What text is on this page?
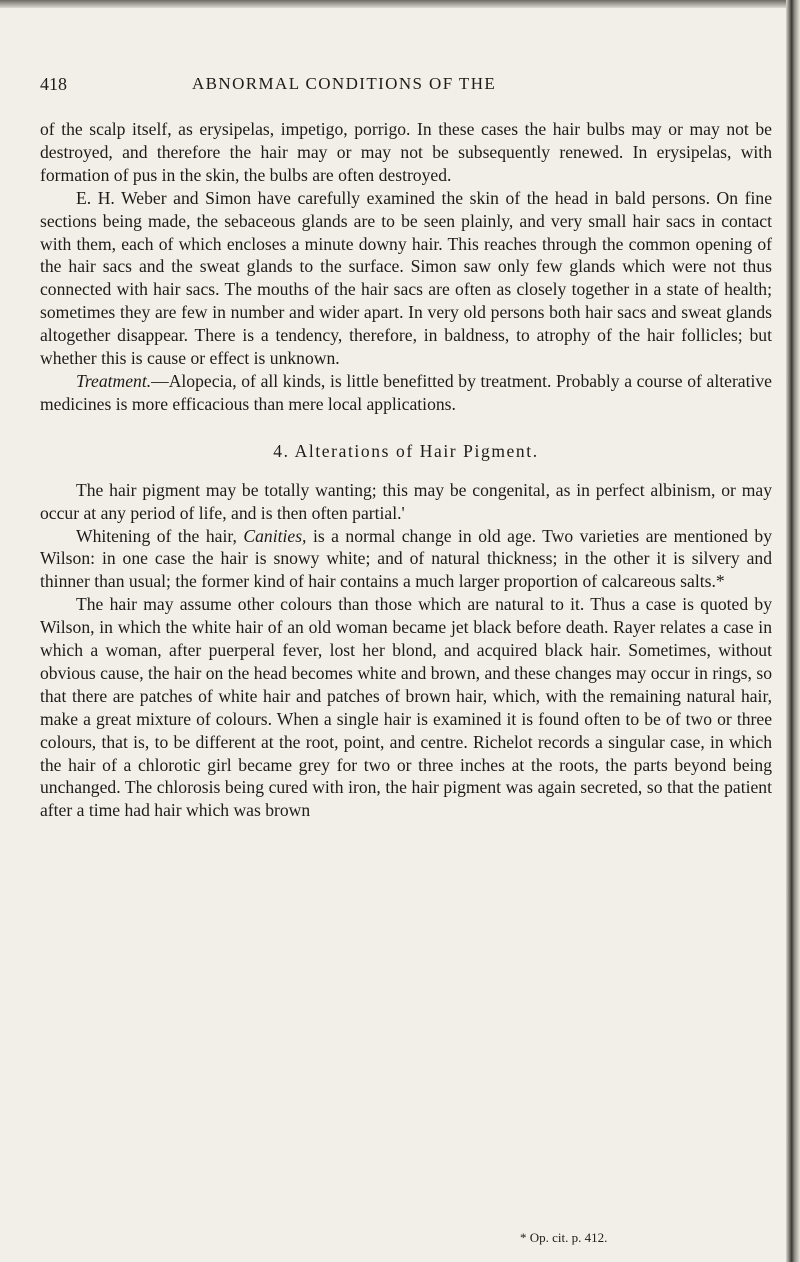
418	ABNORMAL CONDITIONS OF THE

of the scalp itself, as erysipelas, impetigo, porrigo. In these cases the hair bulbs may or may not be destroyed, and therefore the hair may or may not be subsequently renewed. In erysipelas, with formation of pus in the skin, the bulbs are often destroyed.

E. H. Weber and Simon have carefully examined the skin of the head in bald persons. On fine sections being made, the sebaceous glands are to be seen plainly, and very small hair sacs in contact with them, each of which encloses a minute downy hair. This reaches through the common opening of the hair sacs and the sweat glands to the surface. Simon saw only few glands which were not thus connected with hair sacs. The mouths of the hair sacs are often as closely together in a state of health; sometimes they are few in number and wider apart. In very old persons both hair sacs and sweat glands altogether disappear. There is a tendency, therefore, in baldness, to atrophy of the hair follicles; but whether this is cause or effect is unknown.

Treatment.—Alopecia, of all kinds, is little benefitted by treatment. Probably a course of alterative medicines is more efficacious than mere local applications.

4. Alterations of Hair Pigment.

The hair pigment may be totally wanting; this may be congenital, as in perfect albinism, or may occur at any period of life, and is then often partial.'

Whitening of the hair, Canities, is a normal change in old age. Two varieties are mentioned by Wilson: in one case the hair is snowy white; and of natural thickness; in the other it is silvery and thinner than usual; the former kind of hair contains a much larger proportion of calcareous salts.*

The hair may assume other colours than those which are natural to it. Thus a case is quoted by Wilson, in which the white hair of an old woman became jet black before death. Rayer relates a case in which a woman, after puerperal fever, lost her blond, and acquired black hair. Sometimes, without obvious cause, the hair on the head becomes white and brown, and these changes may occur in rings, so that there are patches of white hair and patches of brown hair, which, with the remaining natural hair, make a great mixture of colours. When a single hair is examined it is found often to be of two or three colours, that is, to be different at the root, point, and centre. Richelot records a singular case, in which the hair of a chlorotic girl became grey for two or three inches at the roots, the parts beyond being unchanged. The chlorosis being cured with iron, the hair pigment was again secreted, so that the patient after a time had hair which was brown

* Op. cit. p. 412.
